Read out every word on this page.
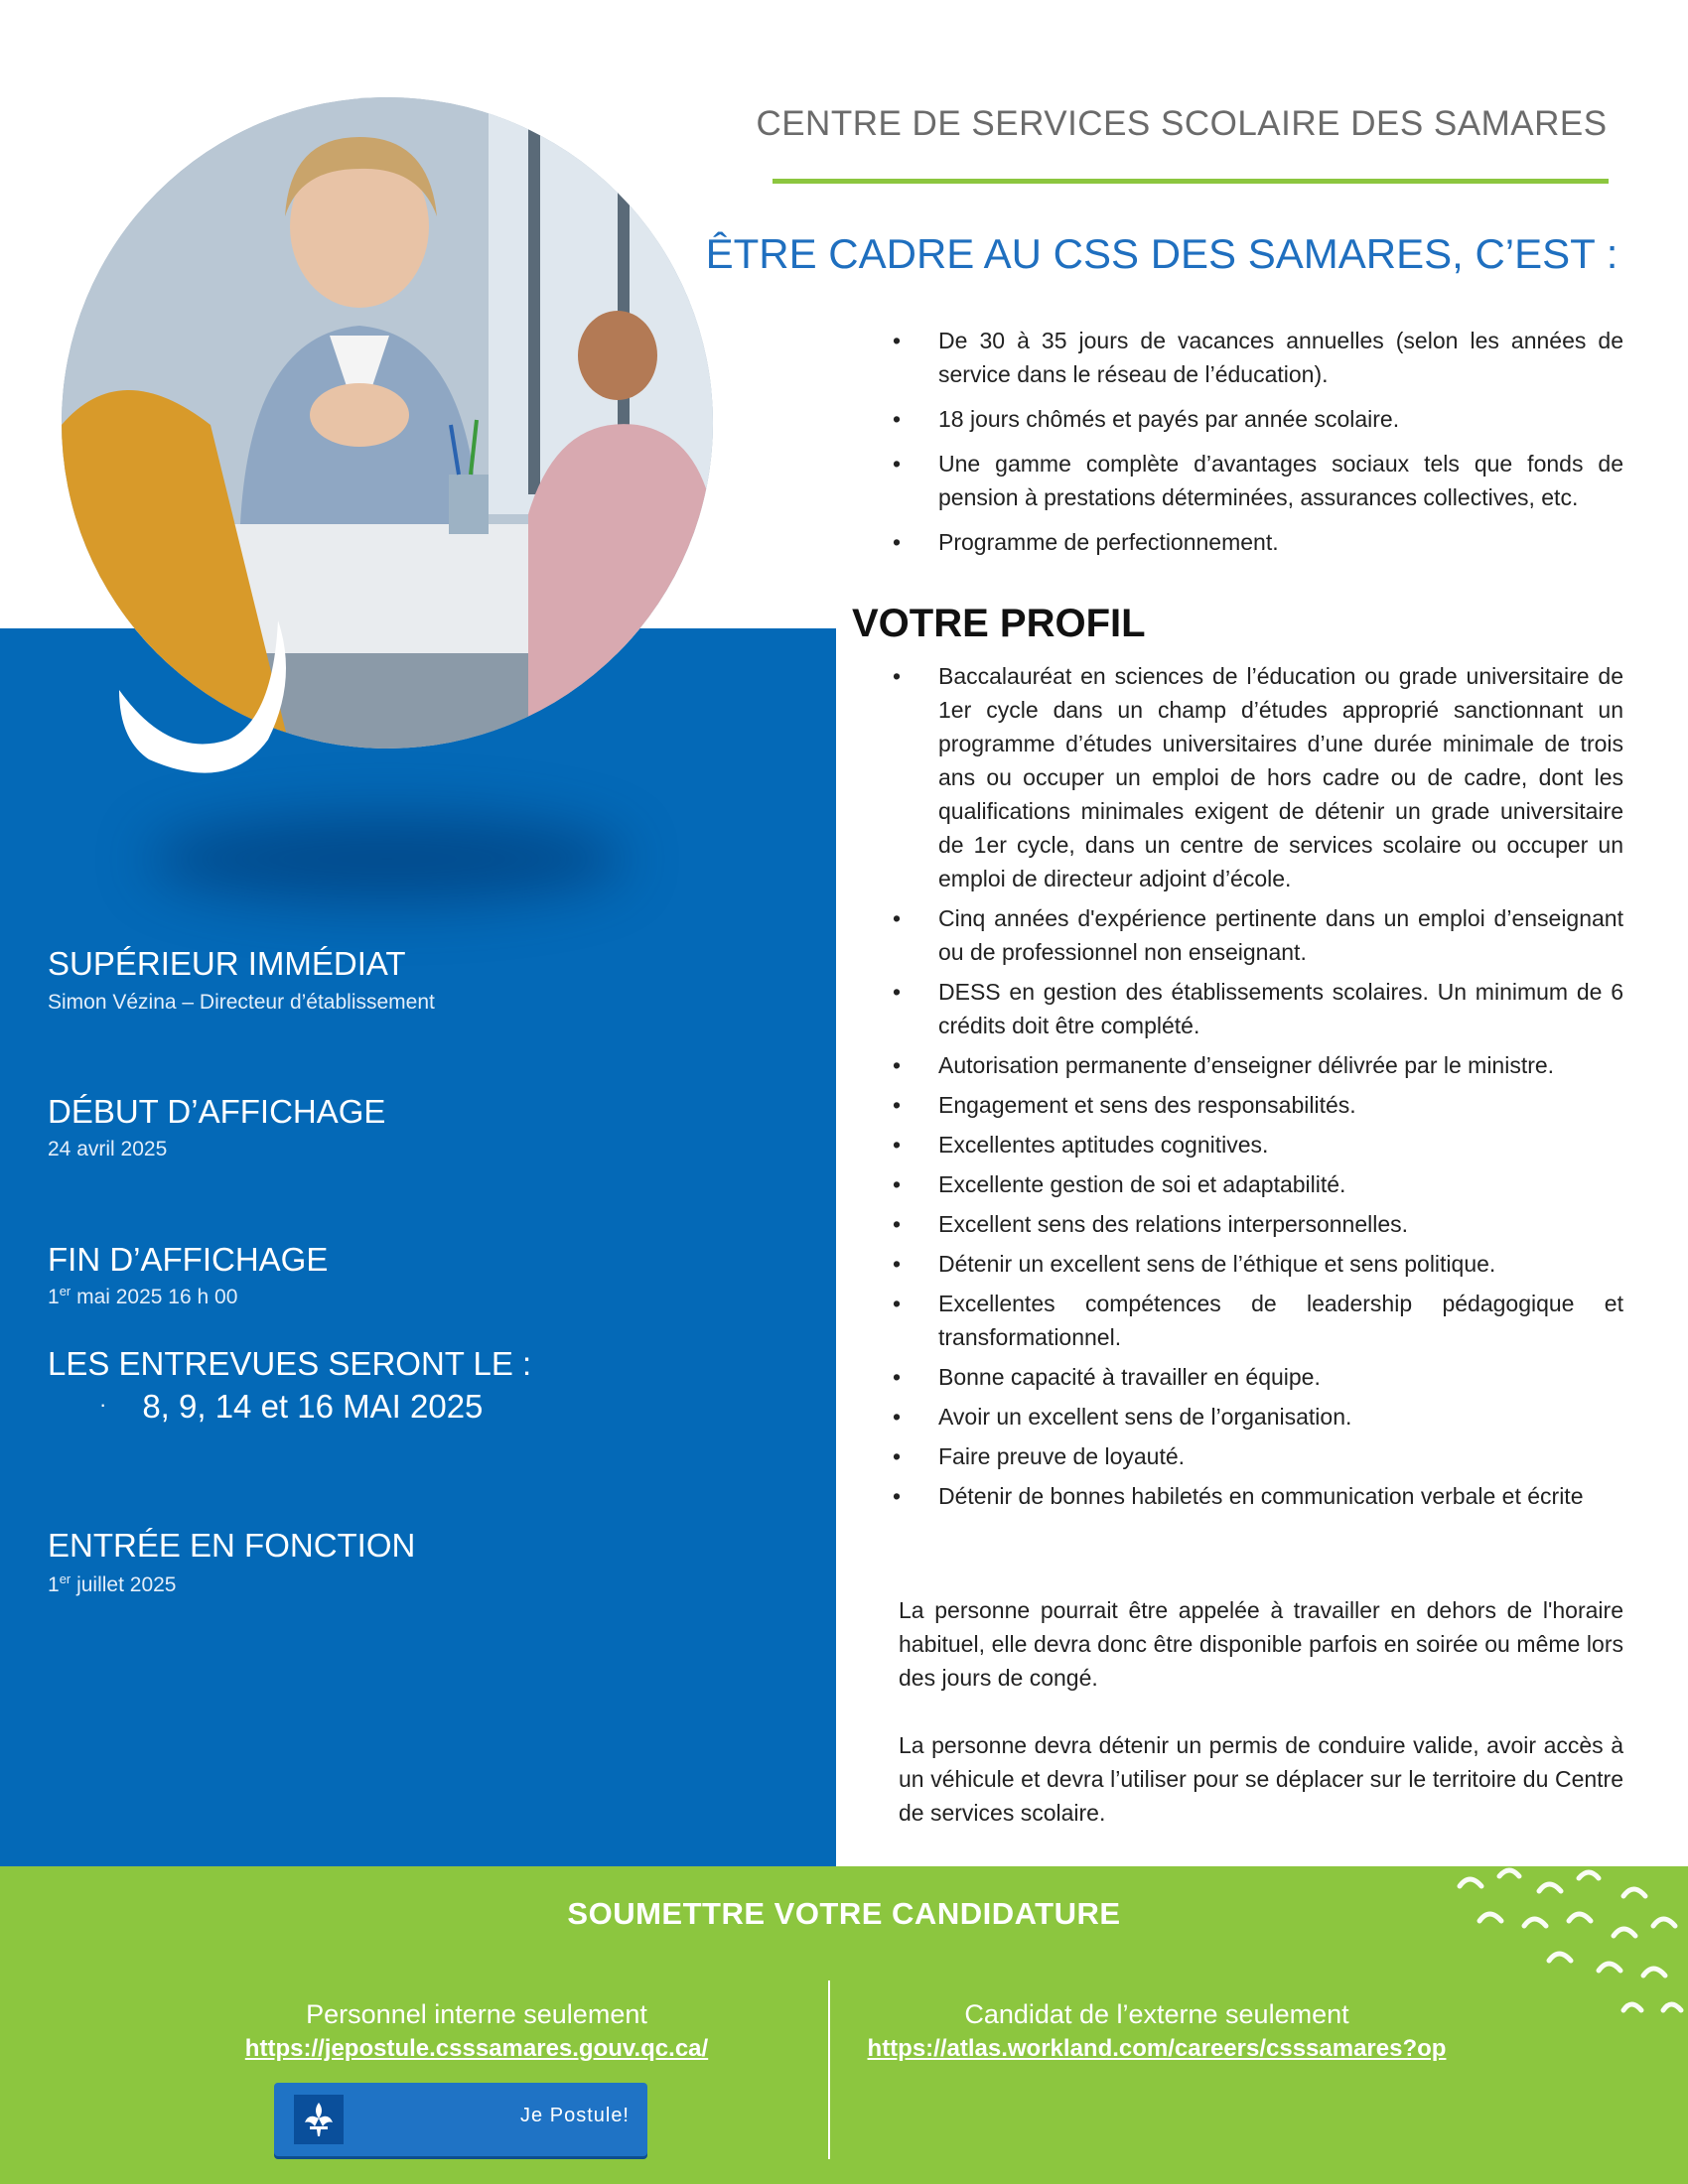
CENTRE DE SERVICES SCOLAIRE DES SAMARES
ÊTRE CADRE AU CSS DES SAMARES, C’EST :
• De 30 à 35 jours de vacances annuelles (selon les années de service dans le réseau de l’éducation).
• 18 jours chômés et payés par année scolaire.
• Une gamme complète d’avantages sociaux tels que fonds de pension à prestations déterminées, assurances collectives, etc.
• Programme de perfectionnement.
SUPÉRIEUR IMMÉDIAT
Simon Vézina – Directeur d’établissement
DÉBUT D’AFFICHAGE
24 avril 2025
FIN D’AFFICHAGE
1er mai 2025 16 h 00
LES ENTREVUES SERONT LE :
· 8, 9, 14 et 16 MAI 2025
ENTRÉE EN FONCTION
1er juillet 2025
VOTRE PROFIL
• Baccalauréat en sciences de l’éducation ou grade universitaire de 1er cycle dans un champ d’études approprié sanctionnant un programme d’études universitaires d’une durée minimale de trois ans ou occuper un emploi de hors cadre ou de cadre, dont les qualifications minimales exigent de détenir un grade universitaire de 1er cycle, dans un centre de services scolaire ou occuper un emploi de directeur adjoint d’école.
• Cinq années d'expérience pertinente dans un emploi d’enseignant ou de professionnel non enseignant.
• DESS en gestion des établissements scolaires. Un minimum de 6 crédits doit être complété.
• Autorisation permanente d’enseigner délivrée par le ministre.
• Engagement et sens des responsabilités.
• Excellentes aptitudes cognitives.
• Excellente gestion de soi et adaptabilité.
• Excellent sens des relations interpersonnelles.
• Détenir un excellent sens de l’éthique et sens politique.
• Excellentes compétences de leadership pédagogique et transformationnel.
• Bonne capacité à travailler en équipe.
• Avoir un excellent sens de l’organisation.
• Faire preuve de loyauté.
• Détenir de bonnes habiletés en communication verbale et écrite
La personne pourrait être appelée à travailler en dehors de l'horaire habituel, elle devra donc être disponible parfois en soirée ou même lors des jours de congé.
La personne devra détenir un permis de conduire valide, avoir accès à un véhicule et devra l’utiliser pour se déplacer sur le territoire du Centre de services scolaire.
SOUMETTRE VOTRE CANDIDATURE
Personnel interne seulement
https://jepostule.csssamares.gouv.qc.ca/
Je Postule!
Candidat de l’externe seulement
https://atlas.workland.com/careers/csssamares?op
